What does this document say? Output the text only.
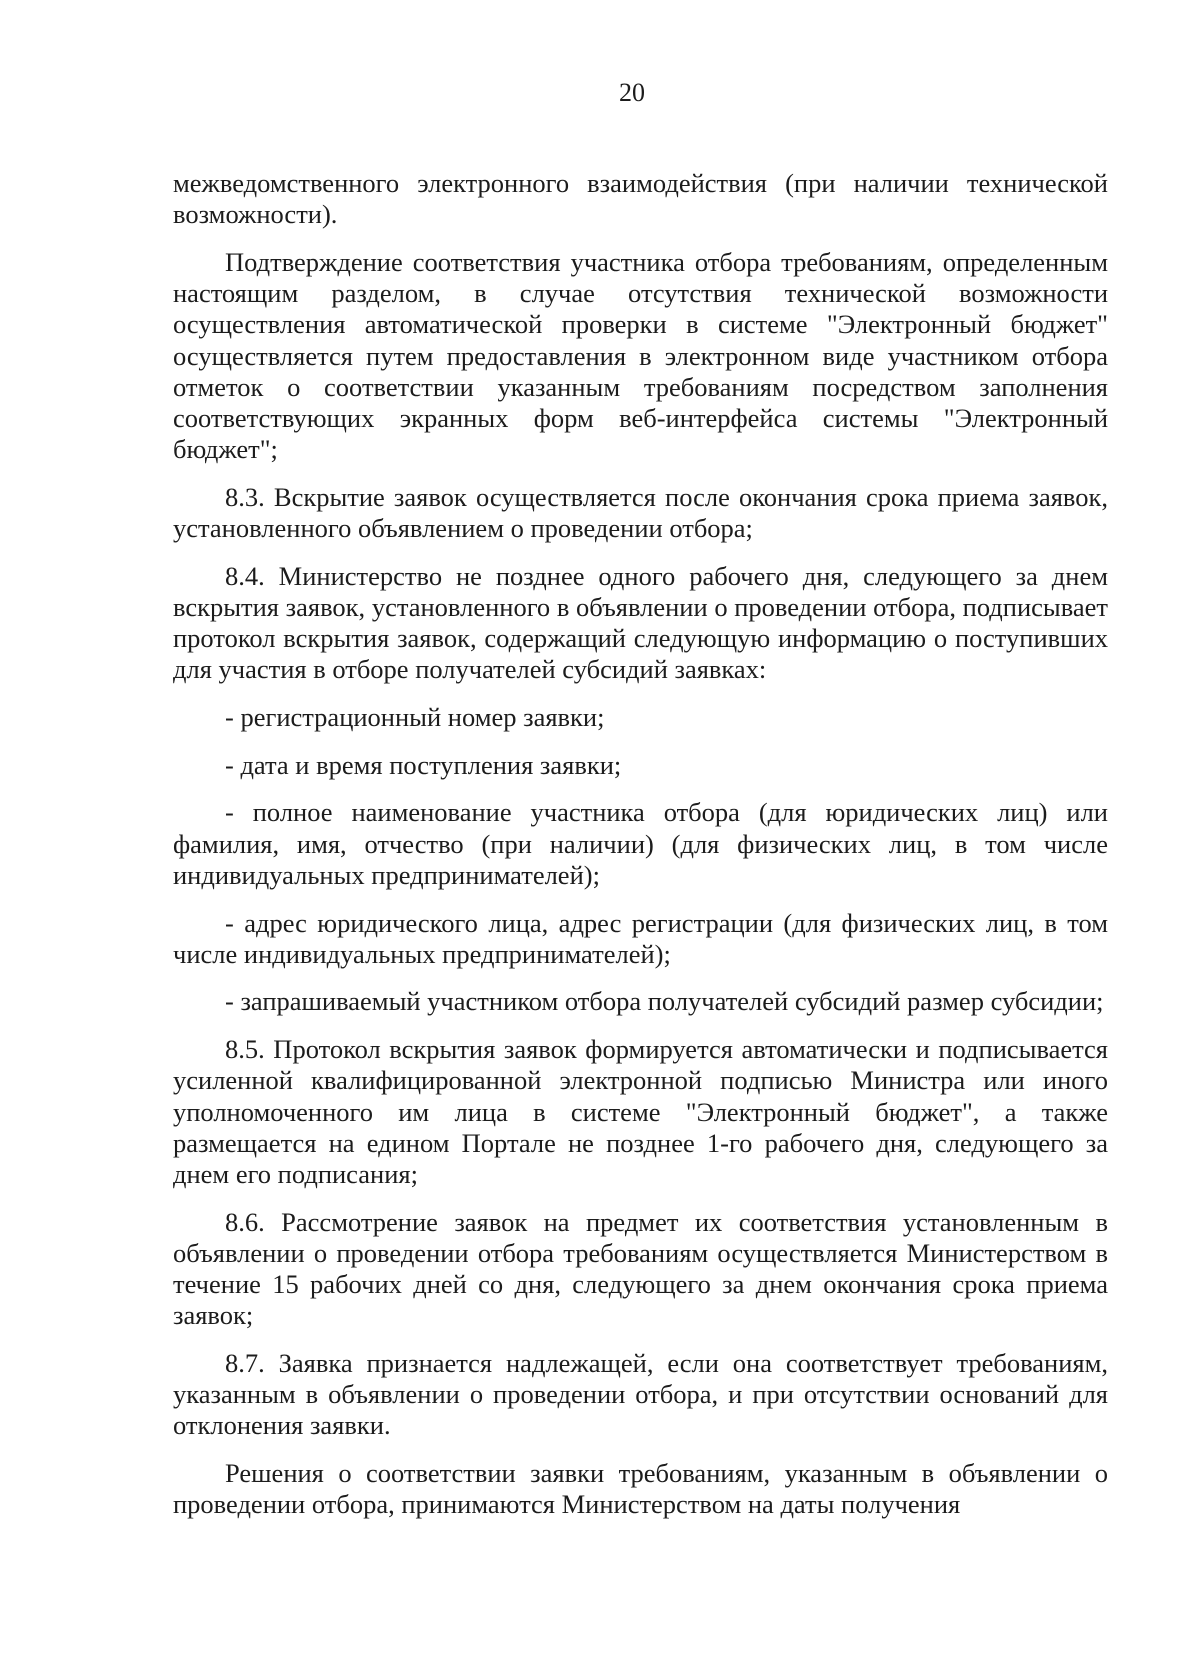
20

межведомственного электронного взаимодействия (при наличии технической возможности).

Подтверждение соответствия участника отбора требованиям, определенным настоящим разделом, в случае отсутствия технической возможности осуществления автоматической проверки в системе "Электронный бюджет" осуществляется путем предоставления в электронном виде участником отбора отметок о соответствии указанным требованиям посредством заполнения соответствующих экранных форм веб-интерфейса системы "Электронный бюджет";

8.3. Вскрытие заявок осуществляется после окончания срока приема заявок, установленного объявлением о проведении отбора;

8.4. Министерство не позднее одного рабочего дня, следующего за днем вскрытия заявок, установленного в объявлении о проведении отбора, подписывает протокол вскрытия заявок, содержащий следующую информацию о поступивших для участия в отборе получателей субсидий заявках:

- регистрационный номер заявки;

- дата и время поступления заявки;

- полное наименование участника отбора (для юридических лиц) или фамилия, имя, отчество (при наличии) (для физических лиц, в том числе индивидуальных предпринимателей);

- адрес юридического лица, адрес регистрации (для физических лиц, в том числе индивидуальных предпринимателей);

- запрашиваемый участником отбора получателей субсидий размер субсидии;

8.5. Протокол вскрытия заявок формируется автоматически и подписывается усиленной квалифицированной электронной подписью Министра или иного уполномоченного им лица в системе "Электронный бюджет", а также размещается на едином Портале не позднее 1-го рабочего дня, следующего за днем его подписания;

8.6. Рассмотрение заявок на предмет их соответствия установленным в объявлении о проведении отбора требованиям осуществляется Министерством в течение 15 рабочих дней со дня, следующего за днем окончания срока приема заявок;

8.7. Заявка признается надлежащей, если она соответствует требованиям, указанным в объявлении о проведении отбора, и при отсутствии оснований для отклонения заявки.

Решения о соответствии заявки требованиям, указанным в объявлении о проведении отбора, принимаются Министерством на даты получения
